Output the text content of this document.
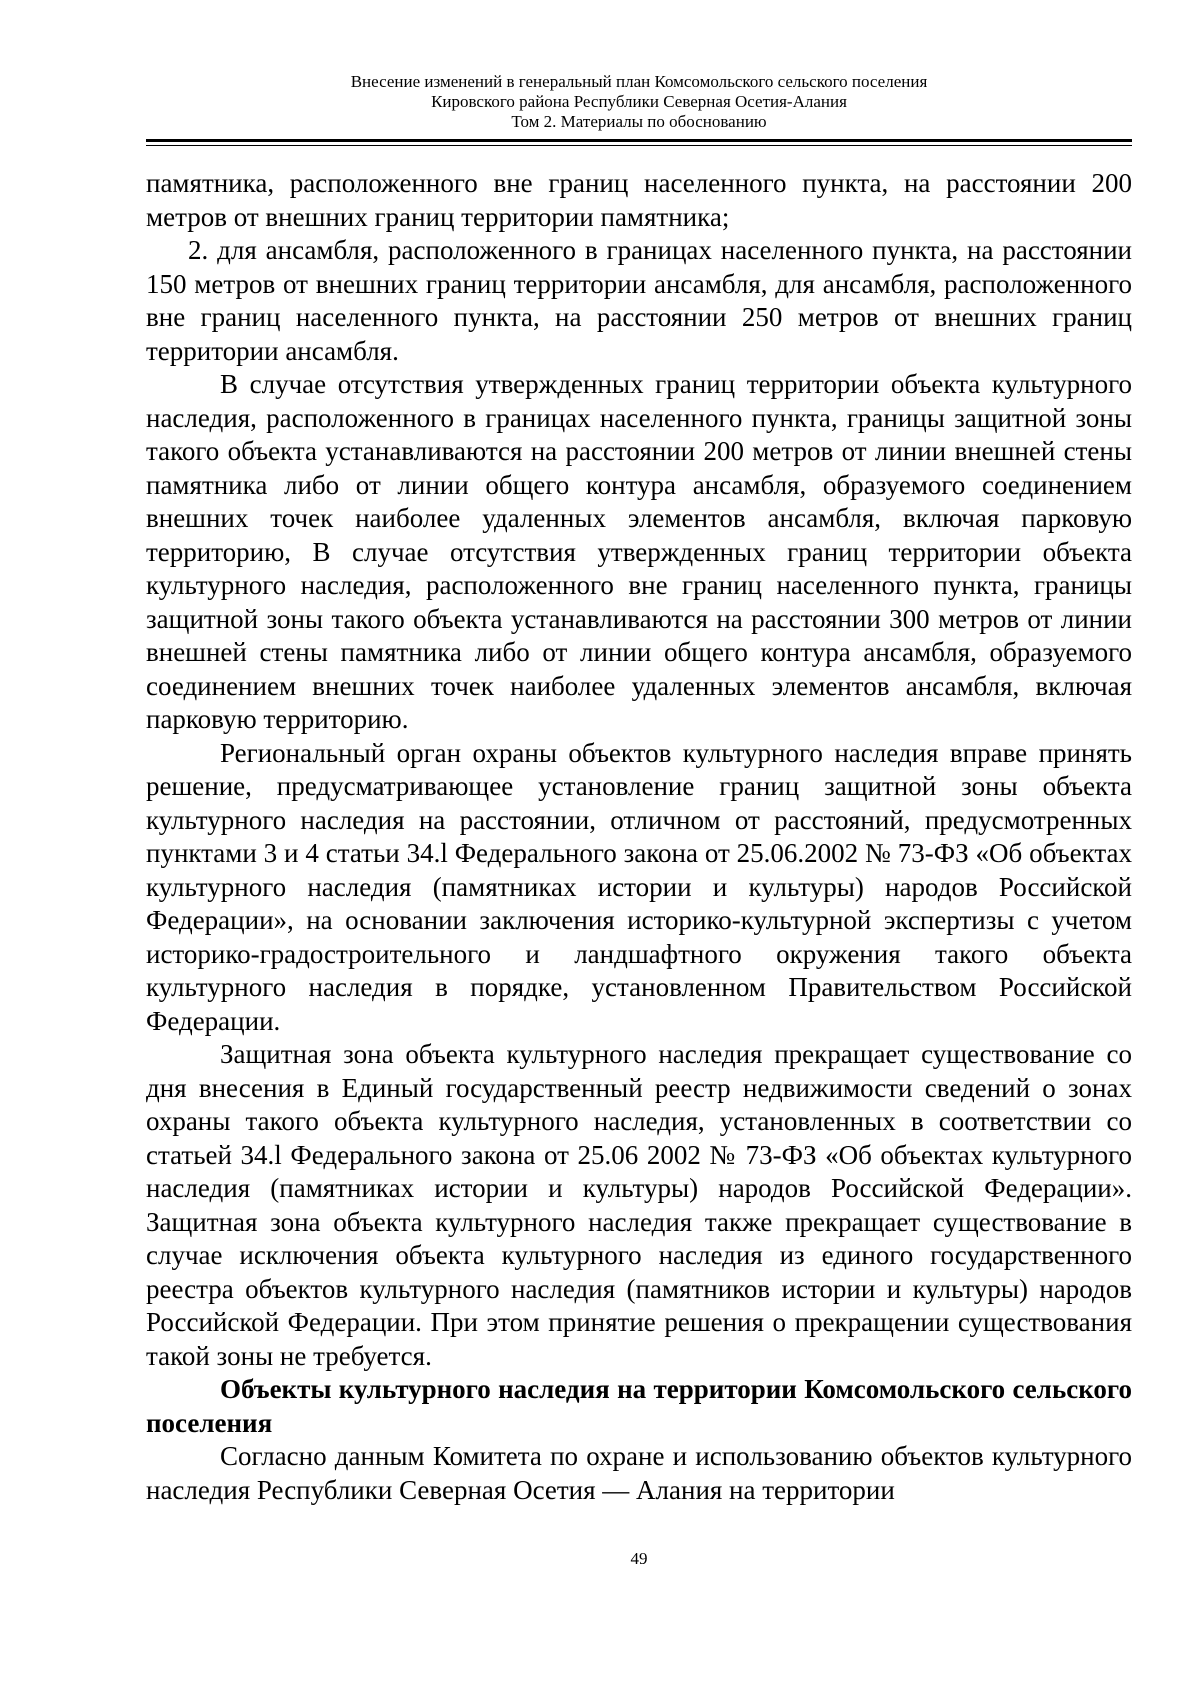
Внесение изменений в генеральный план Комсомольского сельского поселения
Кировского района Республики Северная Осетия-Алания
Том 2. Материалы по обоснованию

памятника, расположенного вне границ населенного пункта, на расстоянии 200 метров от внешних границ территории памятника;

2. для ансамбля, расположенного в границах населенного пункта, на расстоянии 150 метров от внешних границ территории ансамбля, для ансамбля, расположенного вне границ населенного пункта, на расстоянии 250 метров от внешних границ территории ансамбля.

В случае отсутствия утвержденных границ территории объекта культурного наследия, расположенного в границах населенного пункта, границы защитной зоны такого объекта устанавливаются на расстоянии 200 метров от линии внешней стены памятника либо от линии общего контура ансамбля, образуемого соединением внешних точек наиболее удаленных элементов ансамбля, включая парковую территорию, В случае отсутствия утвержденных границ территории объекта культурного наследия, расположенного вне границ населенного пункта, границы защитной зоны такого объекта устанавливаются на расстоянии 300 метров от линии внешней стены памятника либо от линии общего контура ансамбля, образуемого соединением внешних точек наиболее удаленных элементов ансамбля, включая парковую территорию.

Региональный орган охраны объектов культурного наследия вправе принять решение, предусматривающее установление границ защитной зоны объекта культурного наследия на расстоянии, отличном от расстояний, предусмотренных пунктами 3 и 4 статьи 34.l Федерального закона от 25.06.2002 № 73-ФЗ «Об объектах культурного наследия (памятниках истории и культуры) народов Российской Федерации», на основании заключения историко-культурной экспертизы с учетом историко-градостроительного и ландшафтного окружения такого объекта культурного наследия в порядке, установленном Правительством Российской Федерации.

Защитная зона объекта культурного наследия прекращает существование со дня внесения в Единый государственный реестр недвижимости сведений о зонах охраны такого объекта культурного наследия, установленных в соответствии со статьей 34.l Федерального закона от 25.06 2002 № 73-ФЗ «Об объектах культурного наследия (памятниках истории и культуры) народов Российской Федерации». Защитная зона объекта культурного наследия также прекращает существование в случае исключения объекта культурного наследия из единого государственного реестра объектов культурного наследия (памятников истории и культуры) народов Российской Федерации. При этом принятие решения о прекращении существования такой зоны не требуется.

Объекты культурного наследия на территории Комсомольского сельского поселения

Согласно данным Комитета по охране и использованию объектов культурного наследия Республики Северная Осетия — Алания на территории

49
